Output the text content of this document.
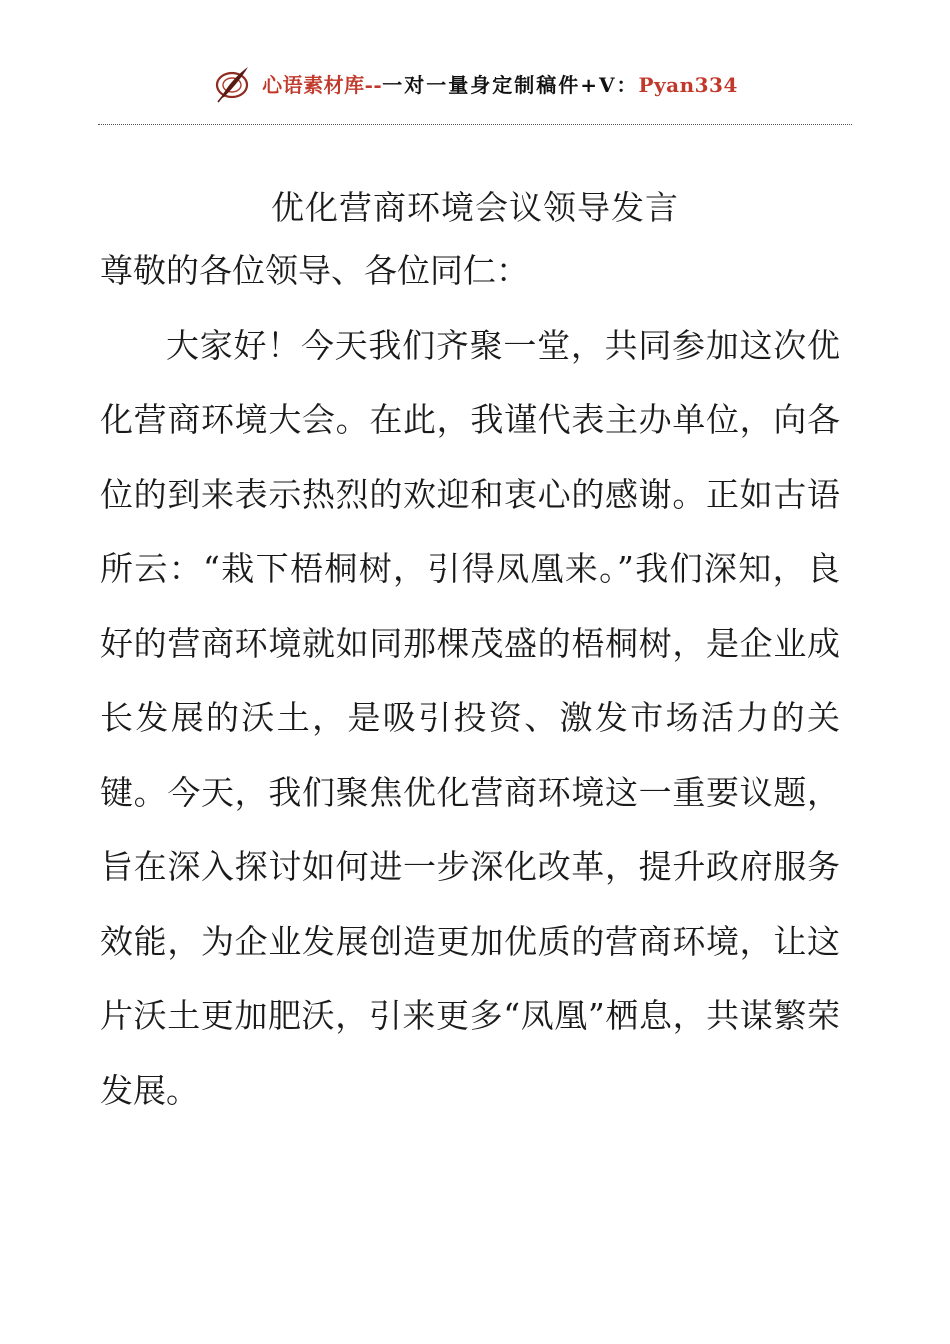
心语素材库--一对一量身定制稿件+V：Pyan334
优化营商环境会议领导发言

尊敬的各位领导、各位同仁：

大家好！今天我们齐聚一堂，共同参加这次优化营商环境大会。在此，我谨代表主办单位，向各位的到来表示热烈的欢迎和衷心的感谢。正如古语所云：“栽下梧桐树，引得凤凰来。”我们深知，良好的营商环境就如同那棵茂盛的梧桐树，是企业成长发展的沃土，是吸引投资、激发市场活力的关键。今天，我们聚焦优化营商环境这一重要议题，旨在深入探讨如何进一步深化改革，提升政府服务效能，为企业发展创造更加优质的营商环境，让这片沃土更加肥沃，引来更多“凤凰”栖息，共谋繁荣发展。
